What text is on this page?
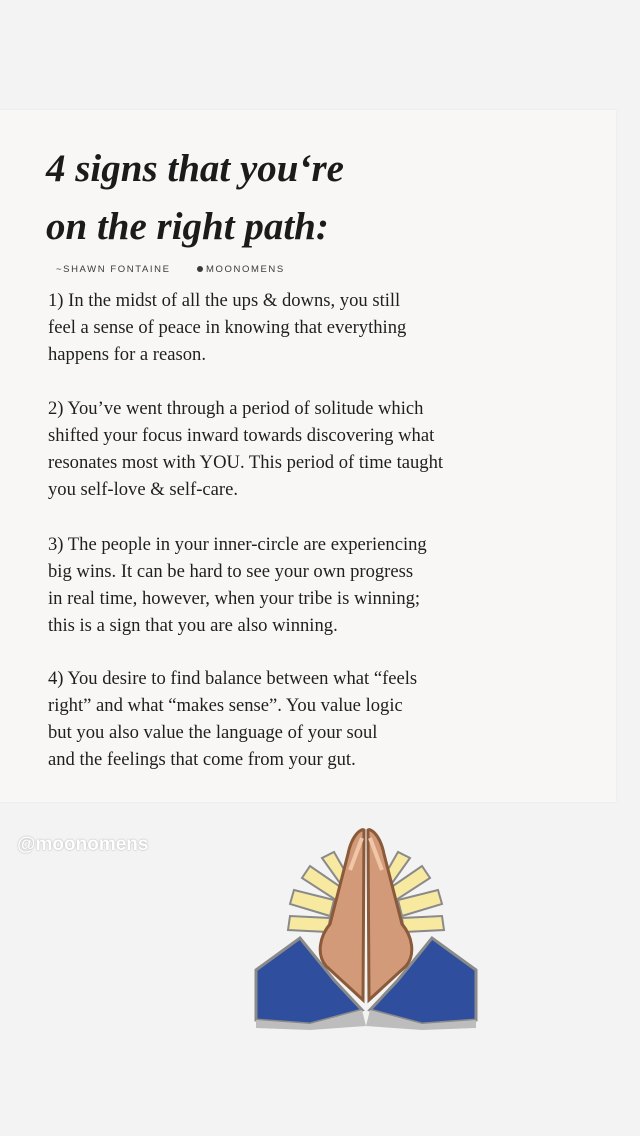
4 signs that you‘re
on the right path:
~SHAWN FONTAINE	MOONOMENS

1) In the midst of all the ups & downs, you still
feel a sense of peace in knowing that everything
happens for a reason.

2) You’ve went through a period of solitude which
shifted your focus inward towards discovering what
resonates most with YOU. This period of time taught
you self-love & self-care.

3) The people in your inner-circle are experiencing
big wins. It can be hard to see your own progress
in real time, however, when your tribe is winning;
this is a sign that you are also winning.

4) You desire to find balance between what “feels
right” and what “makes sense”. You value logic
but you also value the language of your soul
and the feelings that come from your gut.

@moonomens
